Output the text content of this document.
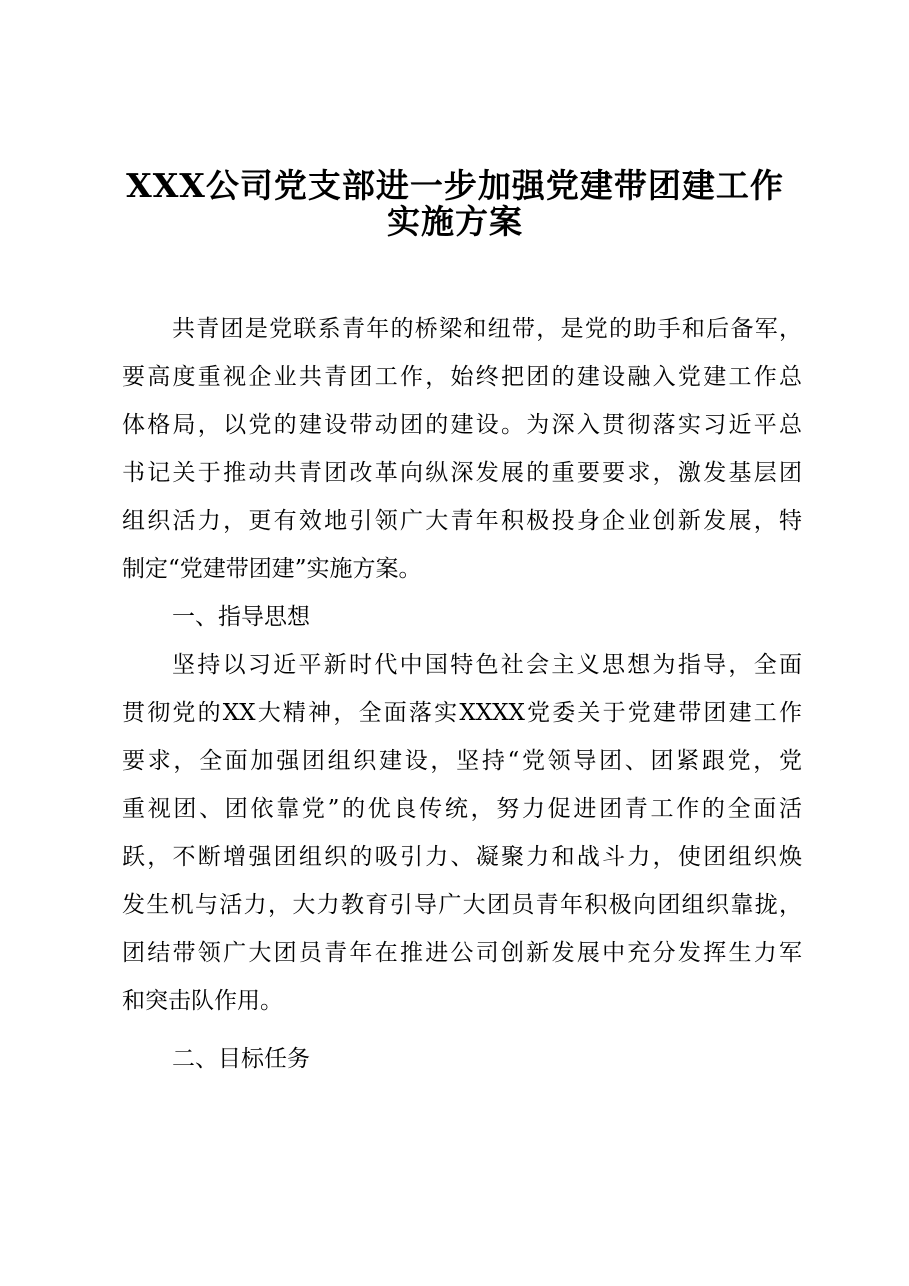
XXX公司党支部进一步加强党建带团建工作
实施方案
共青团是党联系青年的桥梁和纽带，是党的助手和后备军，
要高度重视企业共青团工作，始终把团的建设融入党建工作总
体格局，以党的建设带动团的建设。为深入贯彻落实习近平总
书记关于推动共青团改革向纵深发展的重要要求，激发基层团
组织活力，更有效地引领广大青年积极投身企业创新发展，特
制定“党建带团建”实施方案。
一、指导思想
坚持以习近平新时代中国特色社会主义思想为指导，全面
贯彻党的XX大精神，全面落实XXXX党委关于党建带团建工作
要求，全面加强团组织建设，坚持“党领导团、团紧跟党，党
重视团、团依靠党”的优良传统，努力促进团青工作的全面活
跃，不断增强团组织的吸引力、凝聚力和战斗力，使团组织焕
发生机与活力，大力教育引导广大团员青年积极向团组织靠拢，
团结带领广大团员青年在推进公司创新发展中充分发挥生力军
和突击队作用。
二、目标任务
